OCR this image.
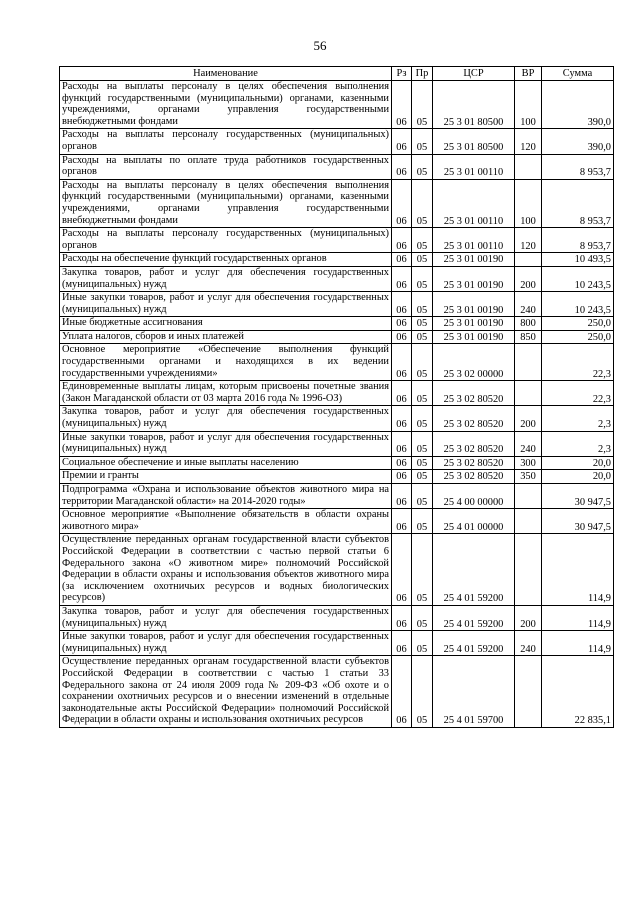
56
Наименование	Рз	Пр	ЦСР	ВР	Сумма
Расходы на выплаты персоналу в целях обеспечения выполнения функций государственными (муниципальными) органами, казенными учреждениями, органами управления государственными внебюджетными фондами	06	05	25 3 01 80500	100	390,0
Расходы на выплаты персоналу государственных (муниципальных) органов	06	05	25 3 01 80500	120	390,0
Расходы на выплаты по оплате труда работников государственных органов	06	05	25 3 01 00110		8 953,7
Расходы на выплаты персоналу в целях обеспечения выполнения функций государственными (муниципальными) органами, казенными учреждениями, органами управления государственными внебюджетными фондами	06	05	25 3 01 00110	100	8 953,7
Расходы на выплаты персоналу государственных (муниципальных) органов	06	05	25 3 01 00110	120	8 953,7
Расходы на обеспечение функций государственных органов	06	05	25 3 01 00190		10 493,5
Закупка товаров, работ и услуг для обеспечения государственных (муниципальных) нужд	06	05	25 3 01 00190	200	10 243,5
Иные закупки товаров, работ и услуг для обеспечения государственных (муниципальных) нужд	06	05	25 3 01 00190	240	10 243,5
Иные бюджетные ассигнования	06	05	25 3 01 00190	800	250,0
Уплата налогов, сборов и иных платежей	06	05	25 3 01 00190	850	250,0
Основное мероприятие «Обеспечение выполнения функций государственными органами и находящихся в их ведении государственными учреждениями»	06	05	25 3 02 00000		22,3
Единовременные выплаты лицам, которым присвоены почетные звания (Закон Магаданской области от 03 марта 2016 года № 1996-ОЗ)	06	05	25 3 02 80520		22,3
Закупка товаров, работ и услуг для обеспечения государственных (муниципальных) нужд	06	05	25 3 02 80520	200	2,3
Иные закупки товаров, работ и услуг для обеспечения государственных (муниципальных) нужд	06	05	25 3 02 80520	240	2,3
Социальное обеспечение и иные выплаты населению	06	05	25 3 02 80520	300	20,0
Премии и гранты	06	05	25 3 02 80520	350	20,0
Подпрограмма «Охрана и использование объектов животного мира на территории Магаданской области» на 2014-2020 годы»	06	05	25 4 00 00000		30 947,5
Основное мероприятие «Выполнение обязательств в области охраны животного мира»	06	05	25 4 01 00000		30 947,5
Осуществление переданных органам государственной власти субъектов Российской Федерации в соответствии с частью первой статьи 6 Федерального закона «О животном мире» полномочий Российской Федерации в области охраны и использования объектов животного мира (за исключением охотничьих ресурсов и водных биологических ресурсов)	06	05	25 4 01 59200		114,9
Закупка товаров, работ и услуг для обеспечения государственных (муниципальных) нужд	06	05	25 4 01 59200	200	114,9
Иные закупки товаров, работ и услуг для обеспечения государственных (муниципальных) нужд	06	05	25 4 01 59200	240	114,9
Осуществление переданных органам государственной власти субъектов Российской Федерации в соответствии с частью 1 статьи 33 Федерального закона от 24 июля 2009 года № 209-ФЗ «Об охоте и о сохранении охотничьих ресурсов и о внесении изменений в отдельные законодательные акты Российской Федерации» полномочий Российской Федерации в области охраны и использования охотничьих ресурсов	06	05	25 4 01 59700		22 835,1
